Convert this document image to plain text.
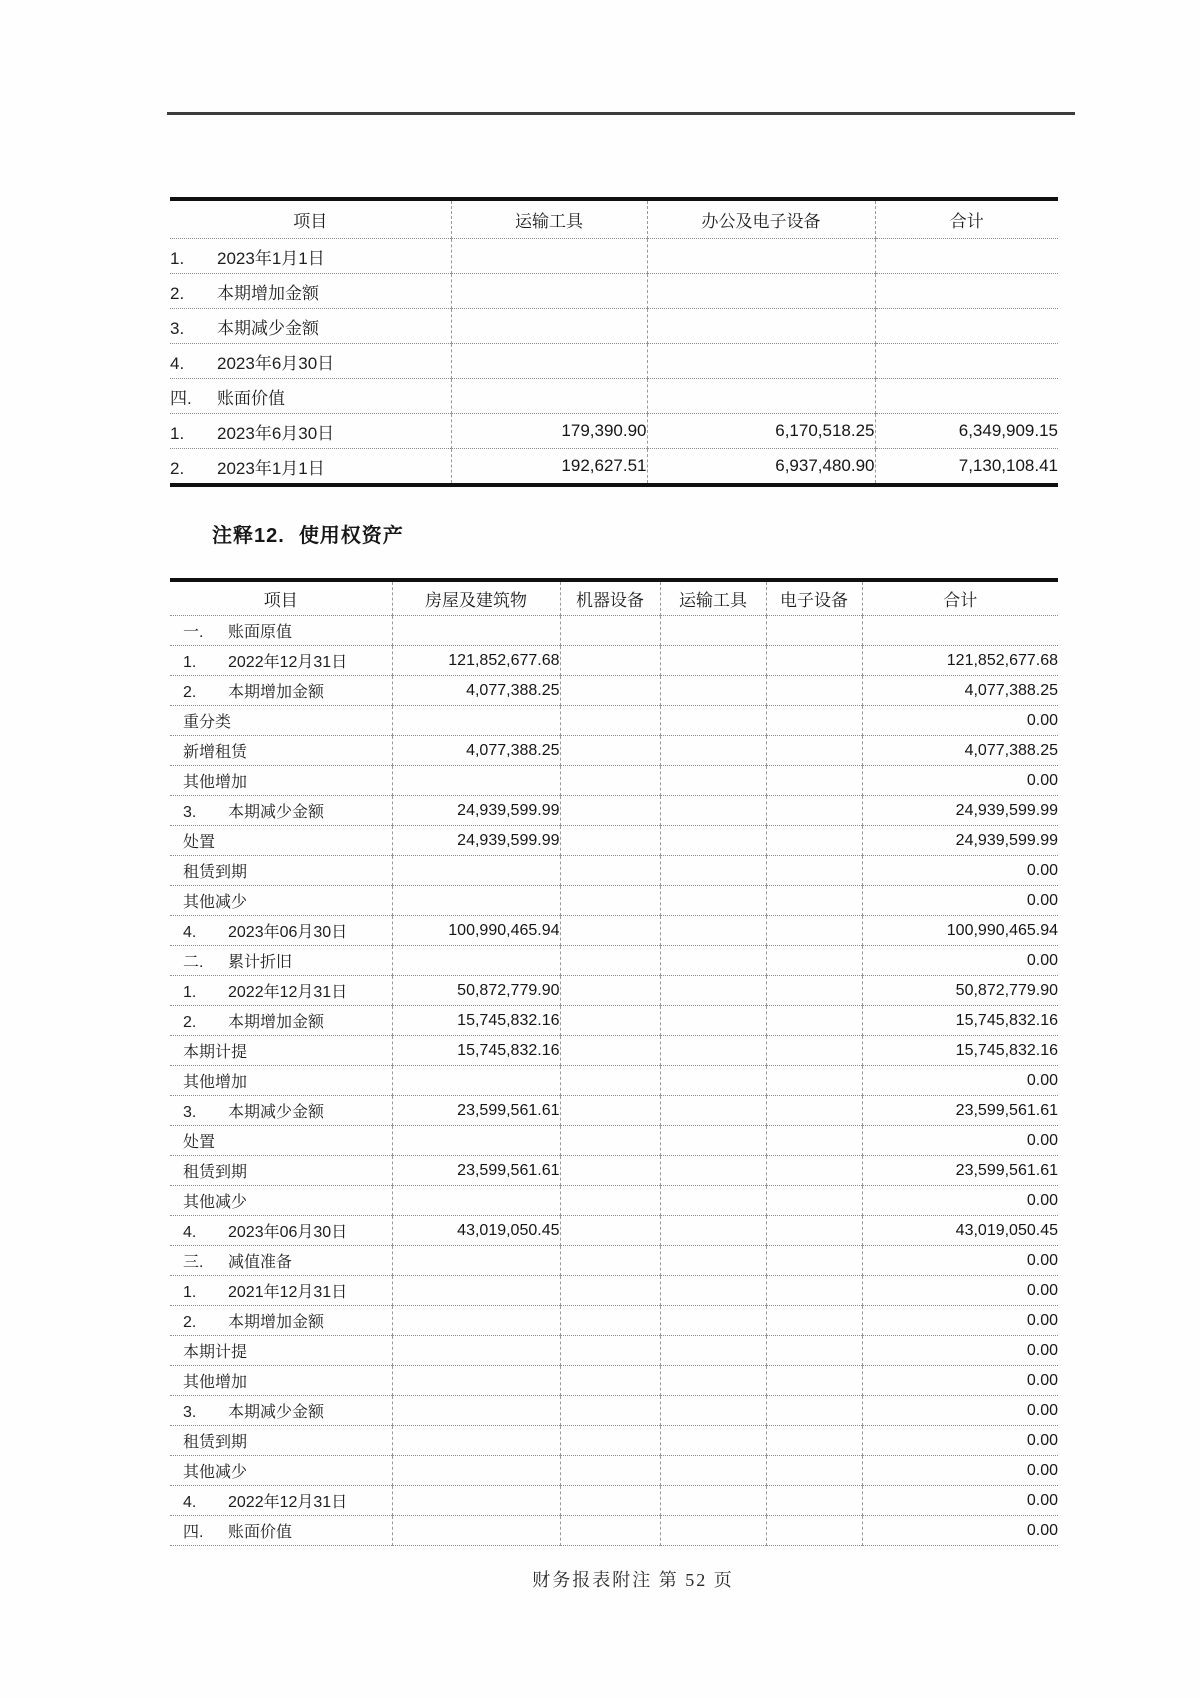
项目	运输工具	办公及电子设备	合计
1. 2023年1月1日			
2. 本期增加金额			
3. 本期减少金额			
4. 2023年6月30日			
四. 账面价值			
1. 2023年6月30日	179,390.90	6,170,518.25	6,349,909.15
2. 2023年1月1日	192,627.51	6,937,480.90	7,130,108.41
注释12. 使用权资产
项目	房屋及建筑物	机器设备	运输工具	电子设备	合计
一. 账面原值					
1. 2022年12月31日	121,852,677.68				121,852,677.68
2. 本期增加金额	4,077,388.25				4,077,388.25
重分类					0.00
新增租赁	4,077,388.25				4,077,388.25
其他增加					0.00
3. 本期减少金额	24,939,599.99				24,939,599.99
处置	24,939,599.99				24,939,599.99
租赁到期					0.00
其他减少					0.00
4. 2023年06月30日	100,990,465.94				100,990,465.94
二. 累计折旧					0.00
1. 2022年12月31日	50,872,779.90				50,872,779.90
2. 本期增加金额	15,745,832.16				15,745,832.16
本期计提	15,745,832.16				15,745,832.16
其他增加					0.00
3. 本期减少金额	23,599,561.61				23,599,561.61
处置					0.00
租赁到期	23,599,561.61				23,599,561.61
其他减少					0.00
4. 2023年06月30日	43,019,050.45				43,019,050.45
三. 减值准备					0.00
1. 2021年12月31日					0.00
2. 本期增加金额					0.00
本期计提					0.00
其他增加					0.00
3. 本期减少金额					0.00
租赁到期					0.00
其他减少					0.00
4. 2022年12月31日					0.00
四. 账面价值					0.00
财务报表附注 第 52 页
